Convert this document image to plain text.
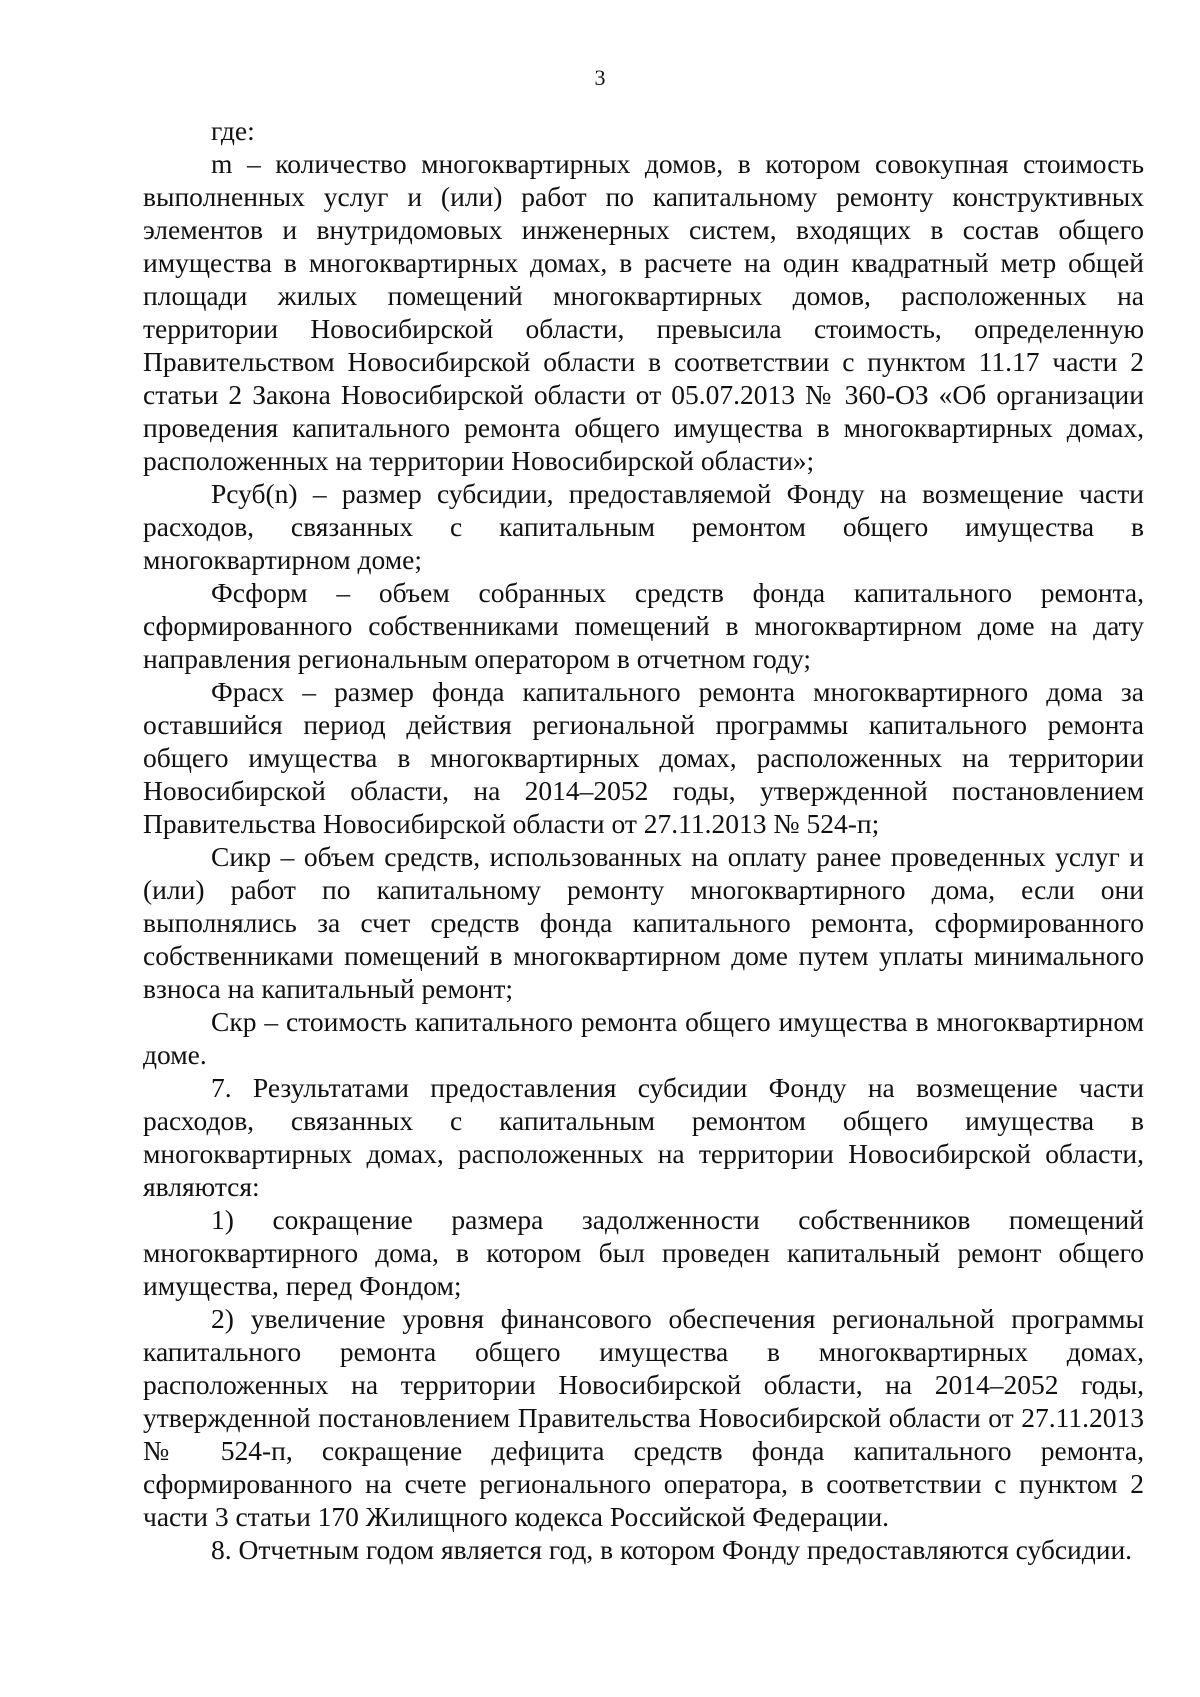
3

где:

m – количество многоквартирных домов, в котором совокупная стоимость выполненных услуг и (или) работ по капитальному ремонту конструктивных элементов и внутридомовых инженерных систем, входящих в состав общего имущества в многоквартирных домах, в расчете на один квадратный метр общей площади жилых помещений многоквартирных домов, расположенных на территории Новосибирской области, превысила стоимость, определенную Правительством Новосибирской области в соответствии с пунктом 11.17 части 2 статьи 2 Закона Новосибирской области от 05.07.2013 № 360-ОЗ «Об организации проведения капитального ремонта общего имущества в многоквартирных домах, расположенных на территории Новосибирской области»;

Рсуб(n) – размер субсидии, предоставляемой Фонду на возмещение части расходов, связанных с капитальным ремонтом общего имущества в многоквартирном доме;

Фсформ – объем собранных средств фонда капитального ремонта, сформированного собственниками помещений в многоквартирном доме на дату направления региональным оператором в отчетном году;

Фрасх – размер фонда капитального ремонта многоквартирного дома за оставшийся период действия региональной программы капитального ремонта общего имущества в многоквартирных домах, расположенных на территории Новосибирской области, на 2014–2052 годы, утвержденной постановлением Правительства Новосибирской области от 27.11.2013 № 524-п;

Сикр – объем средств, использованных на оплату ранее проведенных услуг и (или) работ по капитальному ремонту многоквартирного дома, если они выполнялись за счет средств фонда капитального ремонта, сформированного собственниками помещений в многоквартирном доме путем уплаты минимального взноса на капитальный ремонт;

Скр – стоимость капитального ремонта общего имущества в многоквартирном доме.

7. Результатами предоставления субсидии Фонду на возмещение части расходов, связанных с капитальным ремонтом общего имущества в многоквартирных домах, расположенных на территории Новосибирской области, являются:

1) сокращение размера задолженности собственников помещений многоквартирного дома, в котором был проведен капитальный ремонт общего имущества, перед Фондом;

2) увеличение уровня финансового обеспечения региональной программы капитального ремонта общего имущества в многоквартирных домах, расположенных на территории Новосибирской области, на 2014–2052 годы, утвержденной постановлением Правительства Новосибирской области от 27.11.2013 № 524-п, сокращение дефицита средств фонда капитального ремонта, сформированного на счете регионального оператора, в соответствии с пунктом 2 части 3 статьи 170 Жилищного кодекса Российской Федерации.

8. Отчетным годом является год, в котором Фонду предоставляются субсидии.
